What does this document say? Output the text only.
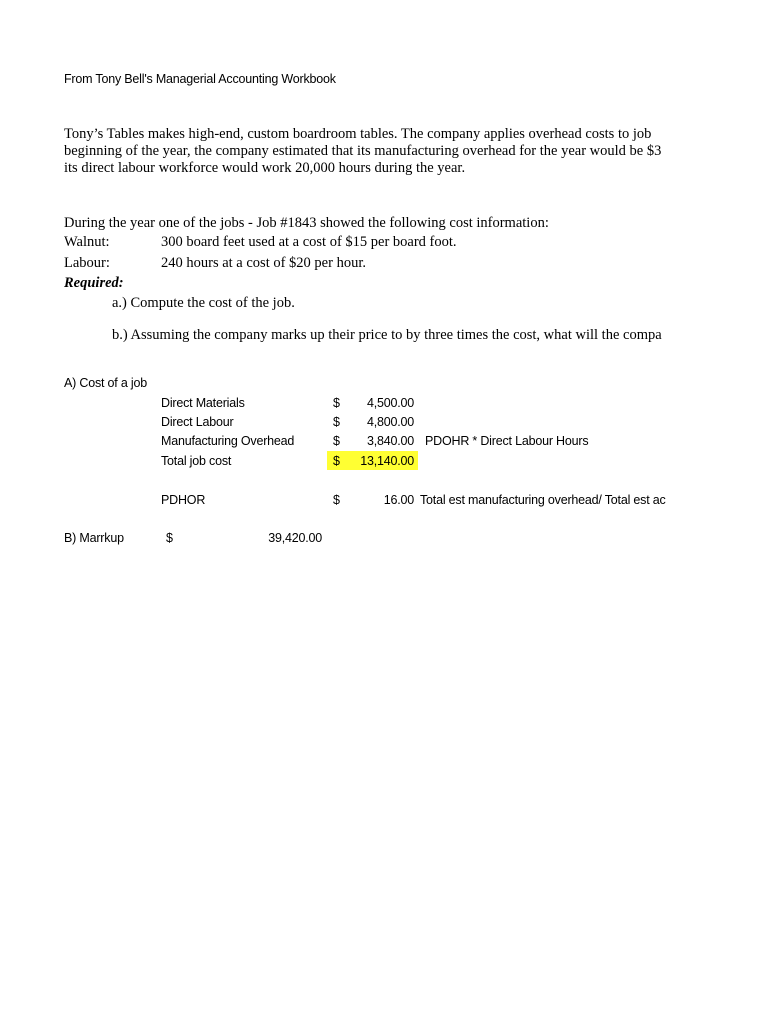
From Tony Bell's Managerial Accounting Workbook
Tony’s Tables makes high-end, custom boardroom tables. The company applies overhead costs to job
beginning of the year, the company estimated that its manufacturing overhead for the year would be $3
its direct labour workforce would work 20,000 hours during the year.
During the year one of the jobs - Job #1843 showed the following cost information:
Walnut:	300 board feet used at a cost of $15 per board foot.
Labour:	240 hours at a cost of $20 per hour.
Required:
a.) Compute the cost of the job.
b.) Assuming the company marks up their price to by three times the cost, what will the compa
A) Cost of a job
Direct Materials	$	4,500.00
Direct Labour	$	4,800.00
Manufacturing Overhead	$	3,840.00 PDOHR * Direct Labour Hours
Total job cost	$	13,140.00
PDHOR	$	16.00 Total est manufacturing overhead/ Total est ac
B) Marrkup	$	39,420.00
